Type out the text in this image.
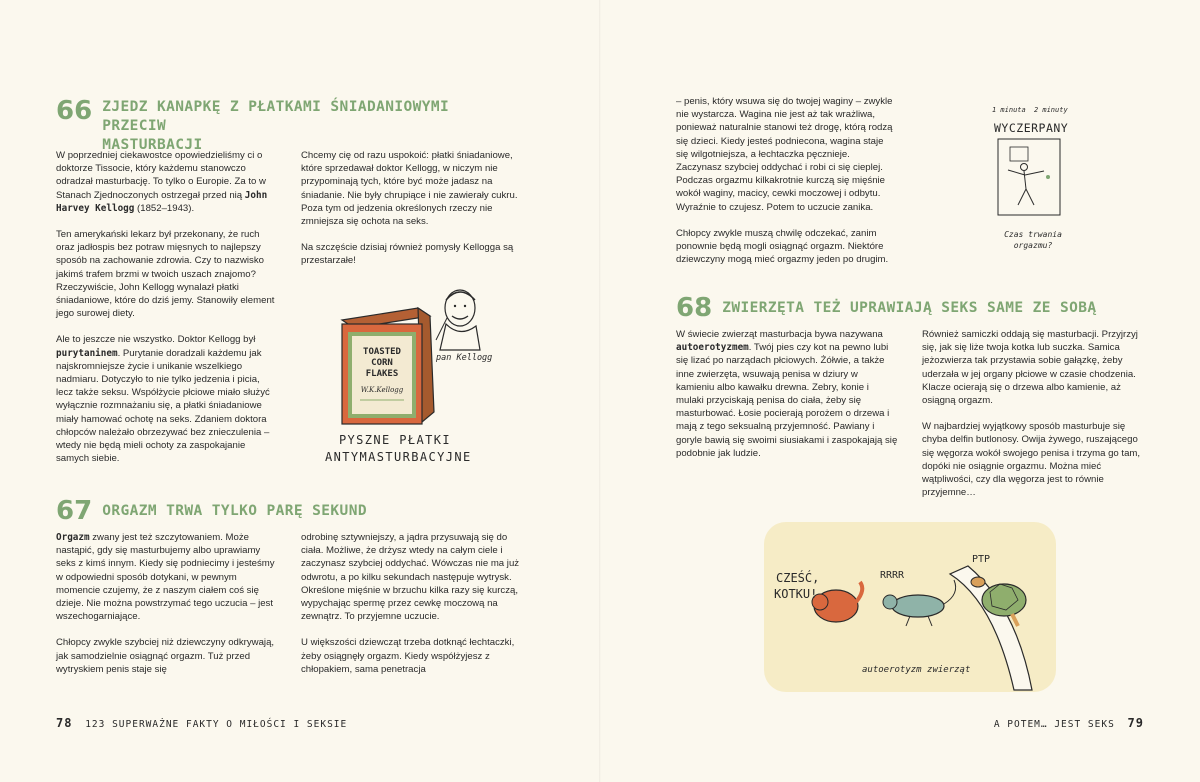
66 ZJEDZ KANAPKĘ Z PŁATKAMI ŚNIADANIOWYMI PRZECIW
MASTURBACJI

W poprzedniej ciekawostce opowiedzieliśmy ci o doktorze Tissocie, który każdemu stanowczo odradzał masturbację. To tylko o Europie. Za to w Stanach Zjednoczonych ostrzegał przed nią John Harvey Kellogg (1852–1943).

Ten amerykański lekarz był przekonany, że ruch oraz jadłospis bez potraw mięsnych to najlepszy sposób na zachowanie zdrowia. Czy to nazwisko jakimś trafem brzmi w twoich uszach znajomo? Rzeczywiście, John Kellogg wynalazł płatki śniadaniowe, które do dziś jemy. Stanowiły element jego surowej diety.

Ale to jeszcze nie wszystko. Doktor Kellogg był purytaninem. Purytanie doradzali każdemu jak najskromniejsze życie i unikanie wszelkiego nadmiaru. Dotyczyło to nie tylko jedzenia i picia, lecz także seksu. Współżycie płciowe miało służyć wyłącznie rozmnażaniu się, a płatki śniadaniowe miały hamować ochotę na seks. Zdaniem doktora chłopców należało obrzezywać bez znieczulenia – wtedy nie będą mieli ochoty za zaspokajanie samych siebie.

Chcemy cię od razu uspokoić: płatki śniadaniowe, które sprzedawał doktor Kellogg, w niczym nie przypominają tych, które być może jadasz na śniadanie. Nie były chrupiące i nie zawierały cukru. Poza tym od jedzenia określonych rzeczy nie zmniejsza się ochota na seks.

Na szczęście dzisiaj również pomysły Kellogga są przestarzałe!

TOASTED
CORN
FLAKES
W.K.Kellogg
pan Kellogg
PYSZNE PŁATKI
ANTYMASTURBACYJNE
67 ORGAZM TRWA TYLKO PARĘ SEKUND

Orgazm zwany jest też szczytowaniem. Może nastąpić, gdy się masturbujemy albo uprawiamy seks z kimś innym. Kiedy się podniecimy i jesteśmy w odpowiedni sposób dotykani, w pewnym momencie czujemy, że z naszym ciałem coś się dzieje. Nie można powstrzymać tego uczucia – jest wszechogarniające.

Chłopcy zwykle szybciej niż dziewczyny odkrywają, jak samodzielnie osiągnąć orgazm. Tuż przed wytryskiem penis staje się

odrobinę sztywniejszy, a jądra przysuwają się do ciała. Możliwe, że drżysz wtedy na całym ciele i zaczynasz szybciej oddychać. Wówczas nie ma już odwrotu, a po kilku sekundach następuje wytrysk. Określone mięśnie w brzuchu kilka razy się kurczą, wypychając spermę przez cewkę moczową na zewnątrz. To przyjemne uczucie.

U większości dziewcząt trzeba dotknąć łechtaczki, żeby osiągnęły orgazm. Kiedy współżyjesz z chłopakiem, sama penetracja

78 123 SUPERWAŻNE FAKTY O MIŁOŚCI I SEKSIE

– penis, który wsuwa się do twojej waginy – zwykle nie wystarcza. Wagina nie jest aż tak wrażliwa, ponieważ naturalnie stanowi też drogę, którą rodzą się dzieci. Kiedy jesteś podniecona, wagina staje się wilgotniejsza, a łechtaczka pęcznieje. Zaczynasz szybciej oddychać i robi ci się cieplej. Podczas orgazmu kilkakrotnie kurczą się mięśnie wokół waginy, macicy, cewki moczowej i odbytu. Wyraźnie to czujesz. Potem to uczucie zanika.

Chłopcy zwykle muszą chwilę odczekać, zanim ponownie będą mogli osiągnąć orgazm. Niektóre dziewczyny mogą mieć orgazmy jeden po drugim.

1 minuta 2 minuty
WYCZERPANY
Czas trwania
orgazmu?
68 ZWIERZĘTA TEŻ UPRAWIAJĄ SEKS SAME ZE SOBĄ

W świecie zwierząt masturbacja bywa nazywana autoerotyzmem. Twój pies czy kot na pewno lubi się lizać po narządach płciowych. Żółwie, a także inne zwierzęta, wsuwają penisa w dziury w kamieniu albo kawałku drewna. Zebry, konie i mulaki przyciskają penisa do ciała, żeby się masturbować. Łosie pocierają porożem o drzewa i mają z tego seksualną przyjemność. Pawiany i goryle bawią się swoimi siusiakami i zaspokajają się podobnie jak ludzie.

Również samiczki oddają się masturbacji. Przyjrzyj się, jak się liże twoja kotka lub suczka. Samica jeżozwierza tak przystawia sobie gałązkę, żeby uderzała w jej organy płciowe w czasie chodzenia. Klacze ocierają się o drzewa albo kamienie, aż osiągną orgazm.

W najbardziej wyjątkowy sposób masturbuje się chyba delfin butlonosy. Owija żywego, ruszającego się węgorza wokół swojego penisa i trzyma go tam, dopóki nie osiągnie orgazmu. Można mieć wątpliwości, czy dla węgorza jest to równie przyjemne…

CZEŚĆ,
KOTKU!
RRRR
PTP
autoerotyzm zwierząt
A POTEM… JEST SEKS 79
